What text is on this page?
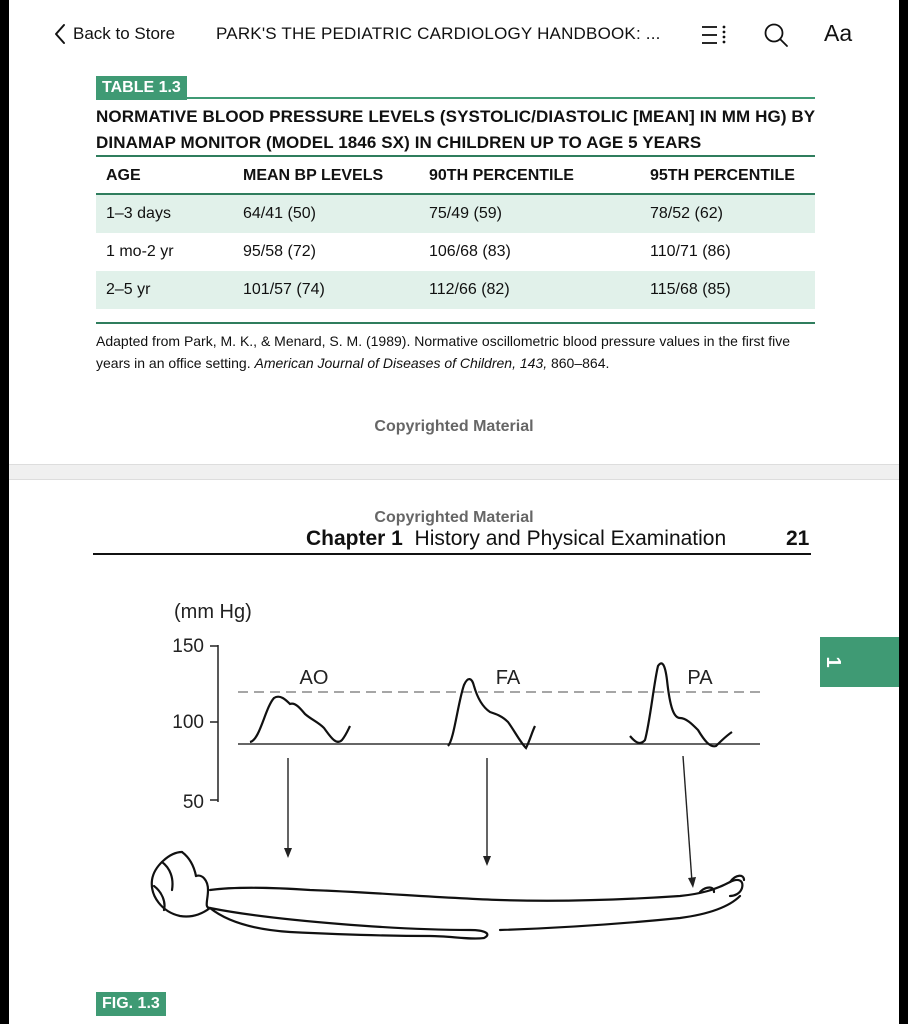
Back to Store PARK'S THE PEDIATRIC CARDIOLOGY HANDBOOK: ...	Aa
TABLE 1.3
NORMATIVE BLOOD PRESSURE LEVELS (SYSTOLIC/DIASTOLIC [MEAN] IN MM HG) BY DINAMAP MONITOR (MODEL 1846 SX) IN CHILDREN UP TO AGE 5 YEARS
AGE	MEAN BP LEVELS	90TH PERCENTILE	95TH PERCENTILE
1–3 days	64/41 (50)	75/49 (59)	78/52 (62)
1 mo-2 yr	95/58 (72)	106/68 (83)	110/71 (86)
2–5 yr	101/57 (74)	112/66 (82)	115/68 (85)
Adapted from Park, M. K., & Menard, S. M. (1989). Normative oscillometric blood pressure values in the first five years in an office setting. American Journal of Diseases of Children, 143, 860–864.
Copyrighted Material
Copyrighted Material
Chapter 1 History and Physical Examination	21
1
(mm Hg)
150
100
50
AO	FA	PA
FIG. 1.3
